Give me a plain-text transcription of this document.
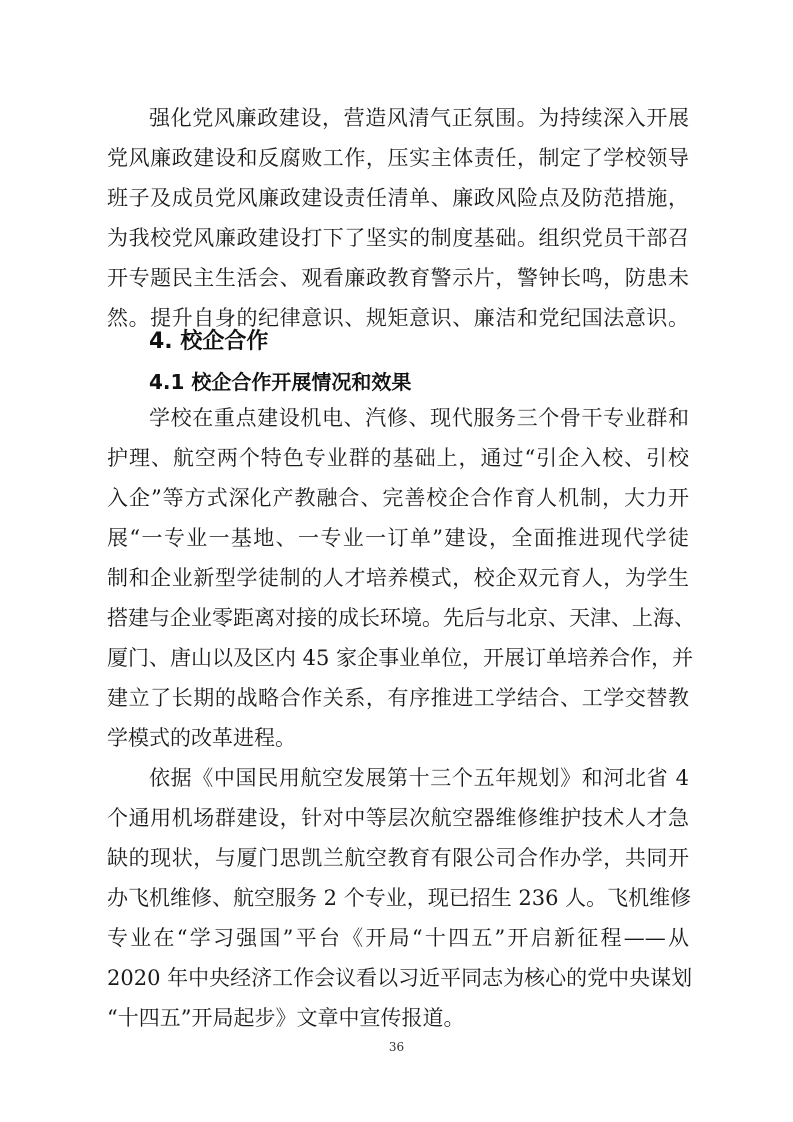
强化党风廉政建设，营造风清气正氛围。为持续深入开展
党风廉政建设和反腐败工作，压实主体责任，制定了学校领导
班子及成员党风廉政建设责任清单、廉政风险点及防范措施，
为我校党风廉政建设打下了坚实的制度基础。组织党员干部召
开专题民主生活会、观看廉政教育警示片，警钟长鸣，防患未
然。提升自身的纪律意识、规矩意识、廉洁和党纪国法意识。
4. 校企合作
4.1 校企合作开展情况和效果
学校在重点建设机电、汽修、现代服务三个骨干专业群和
护理、航空两个特色专业群的基础上，通过“引企入校、引校
入企”等方式深化产教融合、完善校企合作育人机制，大力开
展“一专业一基地、一专业一订单”建设，全面推进现代学徒
制和企业新型学徒制的人才培养模式，校企双元育人，为学生
搭建与企业零距离对接的成长环境。先后与北京、天津、上海、
厦门、唐山以及区内 45 家企事业单位，开展订单培养合作，并
建立了长期的战略合作关系，有序推进工学结合、工学交替教
学模式的改革进程。
依据《中国民用航空发展第十三个五年规划》和河北省 4
个通用机场群建设，针对中等层次航空器维修维护技术人才急
缺的现状，与厦门思凯兰航空教育有限公司合作办学，共同开
办飞机维修、航空服务 2 个专业，现已招生 236 人。飞机维修
专业在“学习强国”平台《开局“十四五”开启新征程——从
2020 年中央经济工作会议看以习近平同志为核心的党中央谋划
“十四五”开局起步》文章中宣传报道。
36
